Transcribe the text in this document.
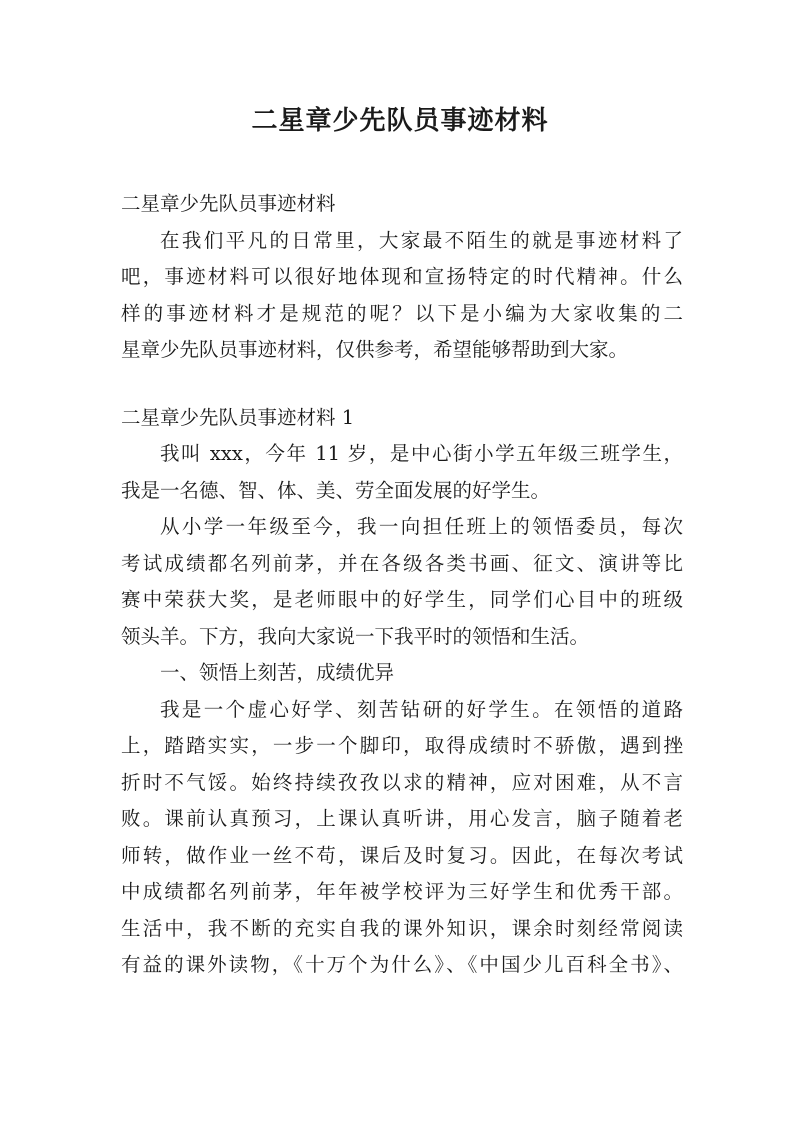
二星章少先队员事迹材料

二星章少先队员事迹材料

在我们平凡的日常里，大家最不陌生的就是事迹材料了

吧，事迹材料可以很好地体现和宣扬特定的时代精神。什么

样的事迹材料才是规范的呢？以下是小编为大家收集的二

星章少先队员事迹材料，仅供参考，希望能够帮助到大家。

二星章少先队员事迹材料 1

我叫 xxx，今年 11 岁，是中心街小学五年级三班学生，

我是一名德、智、体、美、劳全面发展的好学生。

从小学一年级至今，我一向担任班上的领悟委员，每次

考试成绩都名列前茅，并在各级各类书画、征文、演讲等比

赛中荣获大奖，是老师眼中的好学生，同学们心目中的班级

领头羊。下方，我向大家说一下我平时的领悟和生活。

一、领悟上刻苦，成绩优异

我是一个虚心好学、刻苦钻研的好学生。在领悟的道路

上，踏踏实实，一步一个脚印，取得成绩时不骄傲，遇到挫

折时不气馁。始终持续孜孜以求的精神，应对困难，从不言

败。课前认真预习，上课认真听讲，用心发言，脑子随着老

师转，做作业一丝不苟，课后及时复习。因此，在每次考试

中成绩都名列前茅，年年被学校评为三好学生和优秀干部。

生活中，我不断的充实自我的课外知识，课余时刻经常阅读

有益的课外读物，《十万个为什么》、《中国少儿百科全书》、
